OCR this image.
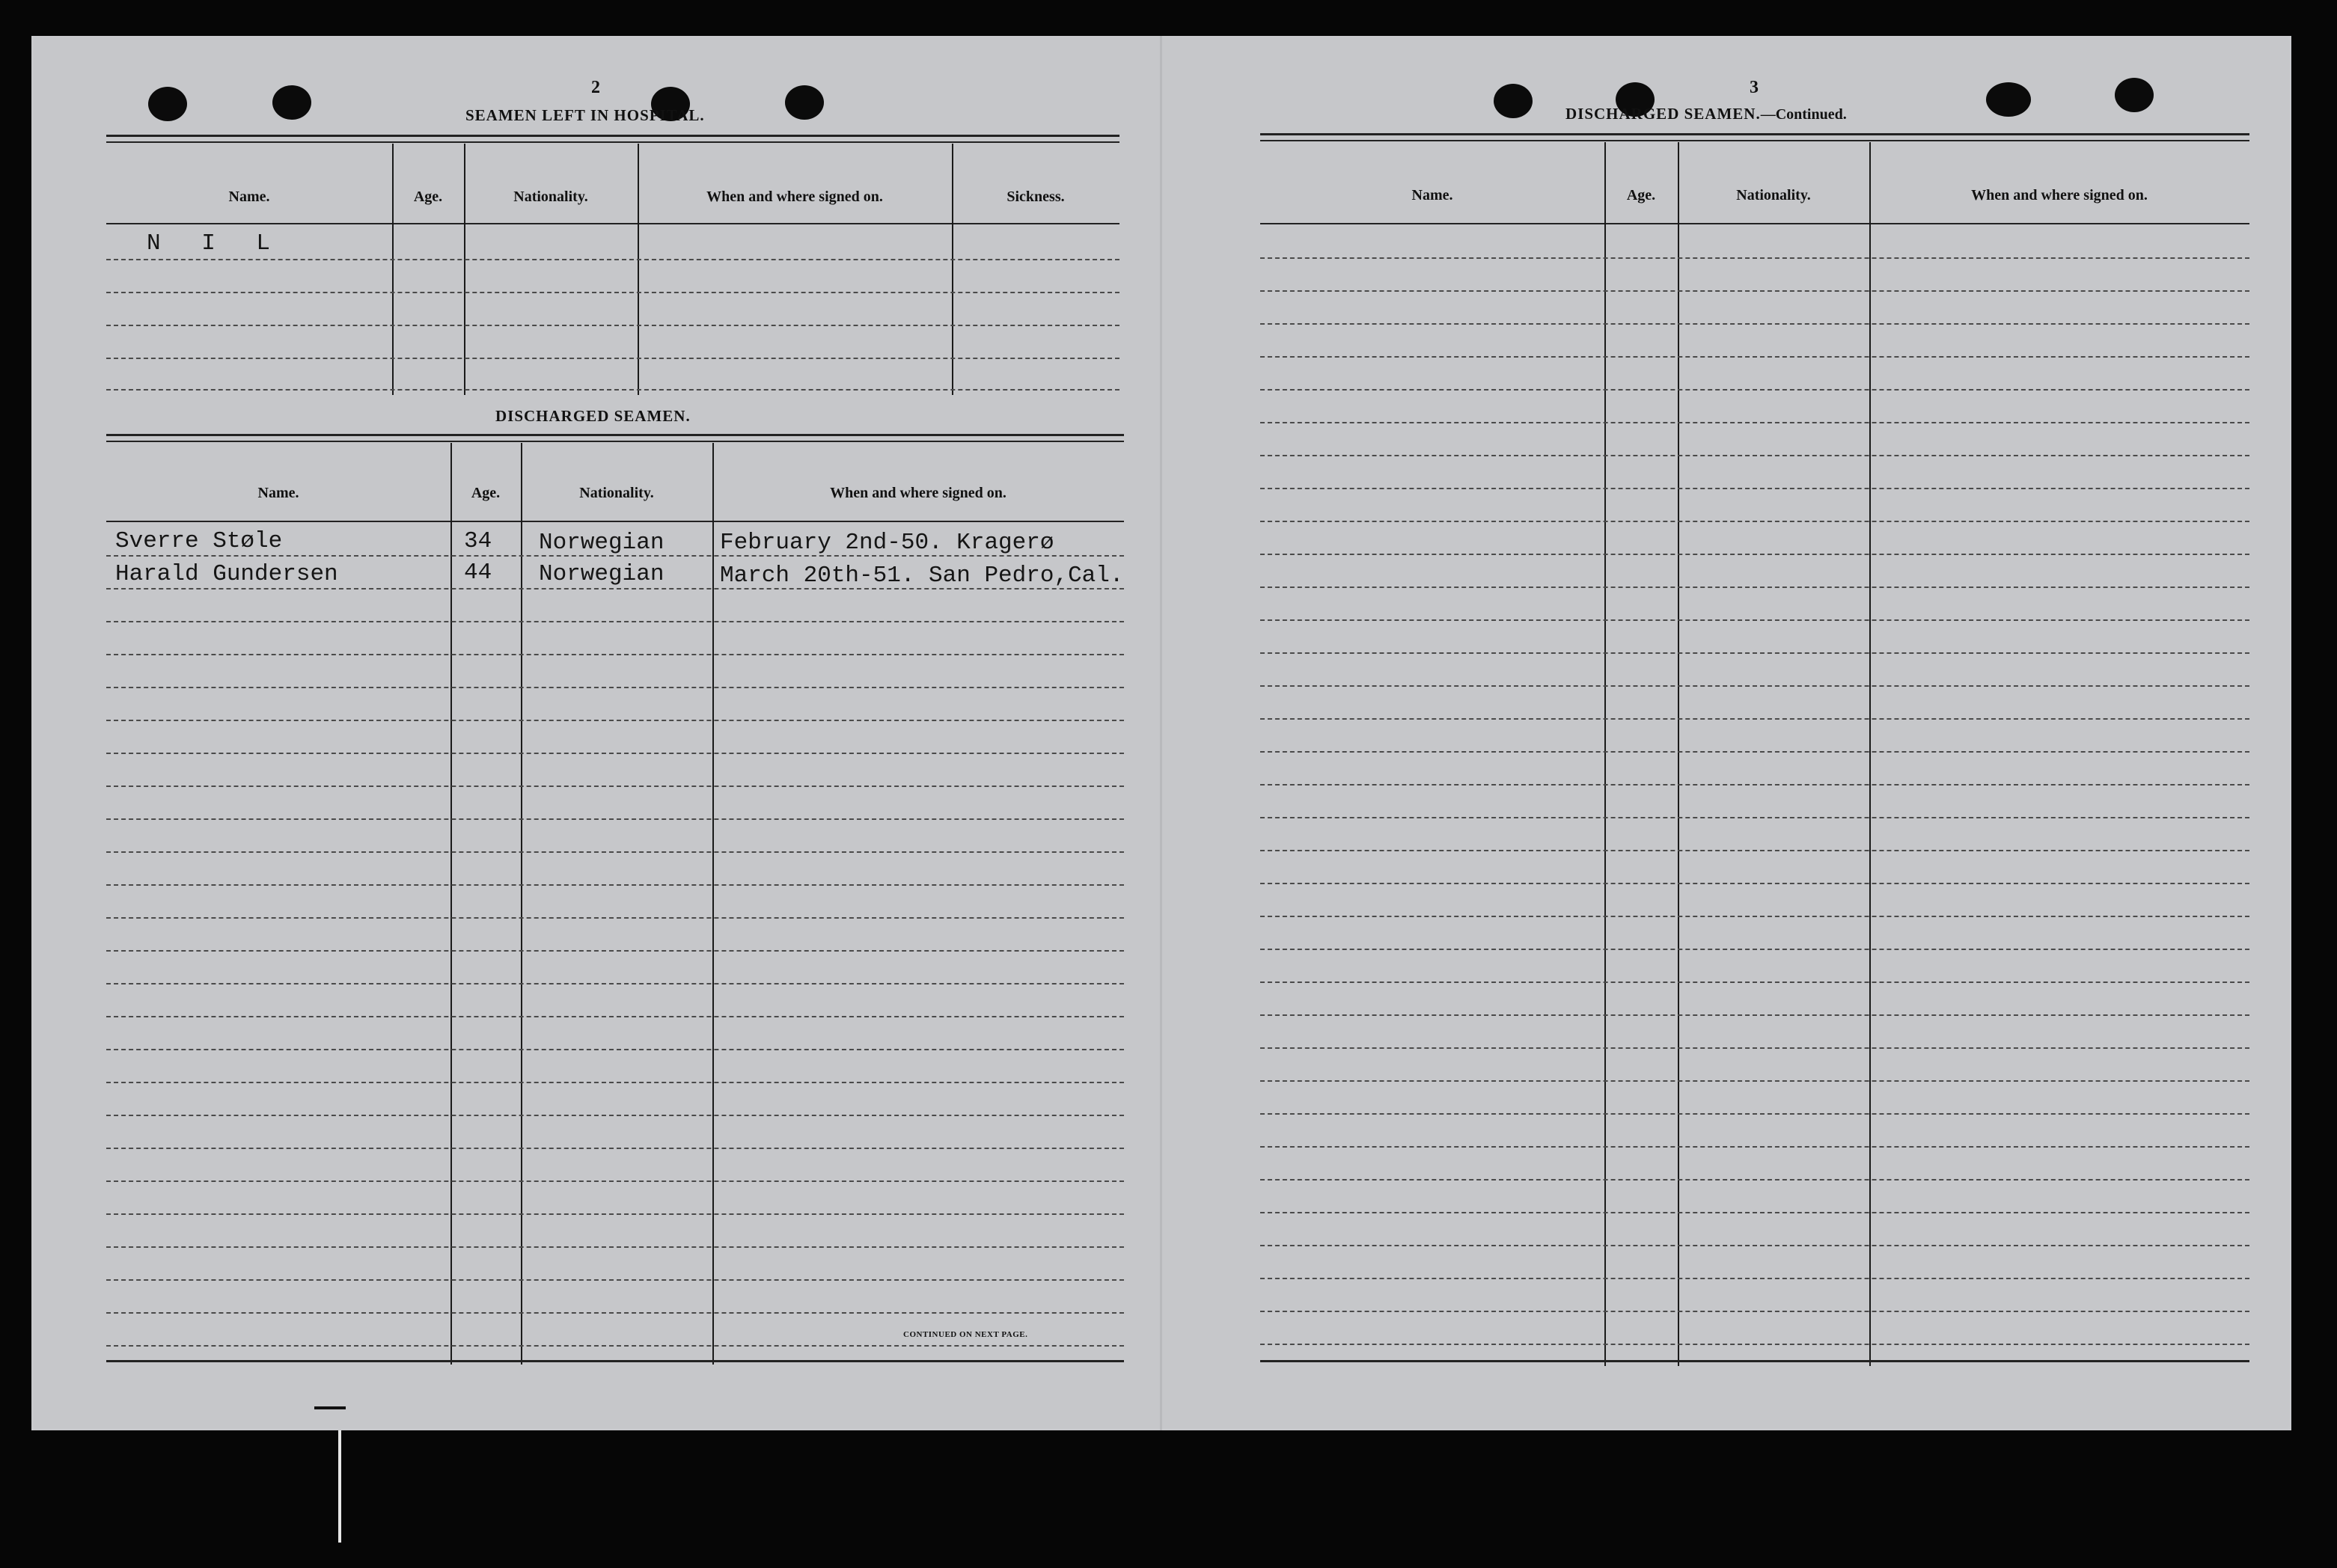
2
SEAMEN LEFT IN HOSPITAL.
Name.	Age.	Nationality.	When and where signed on.	Sickness.
N I L
DISCHARGED SEAMEN.
Name.	Age.	Nationality.	When and where signed on.
Sverre Støle	34 Norwegian February 2nd-50. Kragerø
Harald Gundersen	44 Norwegian March 20th-51. San Pedro,Cal.
CONTINUED ON NEXT PAGE.
3
DISCHARGED SEAMEN.—Continued.
Name.	Age.	Nationality.	When and where signed on.
